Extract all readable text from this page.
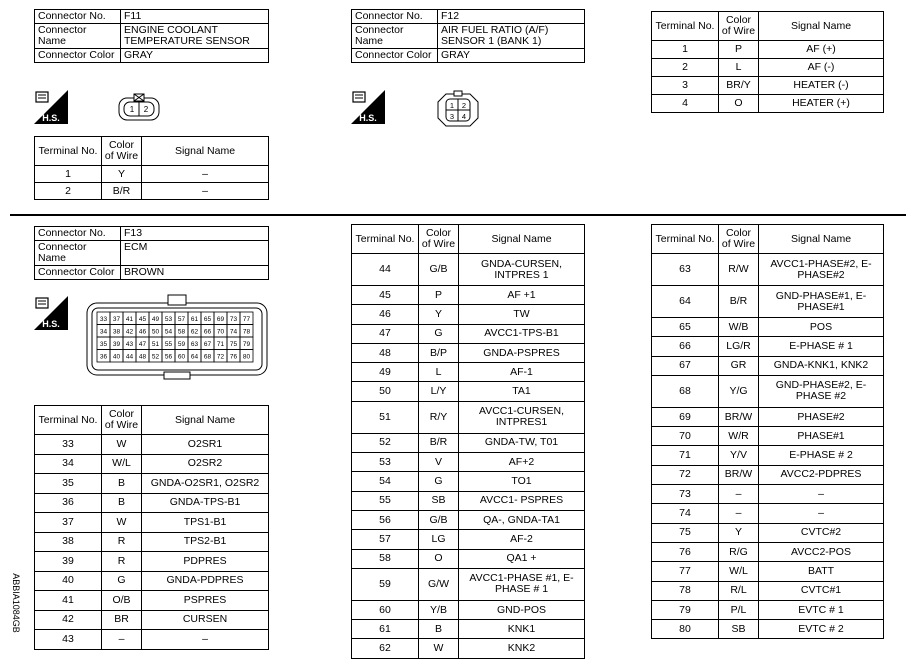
Connector No.	F11
Connector Name	ENGINE COOLANT TEMPERATURE SENSOR
Connector Color	GRAY
H.S.
1 2
Terminal No.	Color of Wire	Signal Name
1	Y	–
2	B/R	–
Connector No.	F12
Connector Name	AIR FUEL RATIO (A/F) SENSOR 1 (BANK 1)
Connector Color	GRAY
H.S.
1 2
3 4
Terminal No.	Color of Wire	Signal Name
1	P	AF (+)
2	L	AF (-)
3	BR/Y	HEATER (-)
4	O	HEATER (+)
Connector No.	F13
Connector Name	ECM
Connector Color	BROWN
H.S.	33 37 41 45 49 53 57 61 65 69 73 77
34 38 42 46 50 54 58 62 66 70 74 78
35 39 43 47 51 55 59 63 67 71 75 79
36 40 44 48 52 56 60 64 68 72 76 80
Terminal No.	Color of Wire	Signal Name
33	W	O2SR1
34	W/L	O2SR2
35	B	GNDA-O2SR1, O2SR2
36	B	GNDA-TPS-B1
37	W	TPS1-B1
38	R	TPS2-B1
39	R	PDPRES
40	G	GNDA-PDPRES
41	O/B	PSPRES
42	BR	CURSEN
43	–	–
Terminal No.	Color of Wire	Signal Name
44	G/B	GNDA-CURSEN, INTPRES 1
45	P	AF +1
46	Y	TW
47	G	AVCC1-TPS-B1
48	B/P	GNDA-PSPRES
49	L	AF-1
50	L/Y	TA1
51	R/Y	AVCC1-CURSEN, INTPRES1
52	B/R	GNDA-TW, T01
53	V	AF+2
54	G	TO1
55	SB	AVCC1- PSPRES
56	G/B	QA-, GNDA-TA1
57	LG	AF-2
58	O	QA1 +
59	G/W	AVCC1-PHASE #1, E-PHASE # 1
60	Y/B	GND-POS
61	B	KNK1
62	W	KNK2
Terminal No.	Color of Wire	Signal Name
63	R/W	AVCC1-PHASE#2, E-PHASE#2
64	B/R	GND-PHASE#1, E-PHASE#1
65	W/B	POS
66	LG/R	E-PHASE # 1
67	GR	GNDA-KNK1, KNK2
68	Y/G	GND-PHASE#2, E-PHASE #2
69	BR/W	PHASE#2
70	W/R	PHASE#1
71	Y/V	E-PHASE # 2
72	BR/W	AVCC2-PDPRES
73	–	–
74	–	–
75	Y	CVTC#2
76	R/G	AVCC2-POS
77	W/L	BATT
78	R/L	CVTC#1
79	P/L	EVTC # 1
80	SB	EVTC # 2
ABBIA1084GB
